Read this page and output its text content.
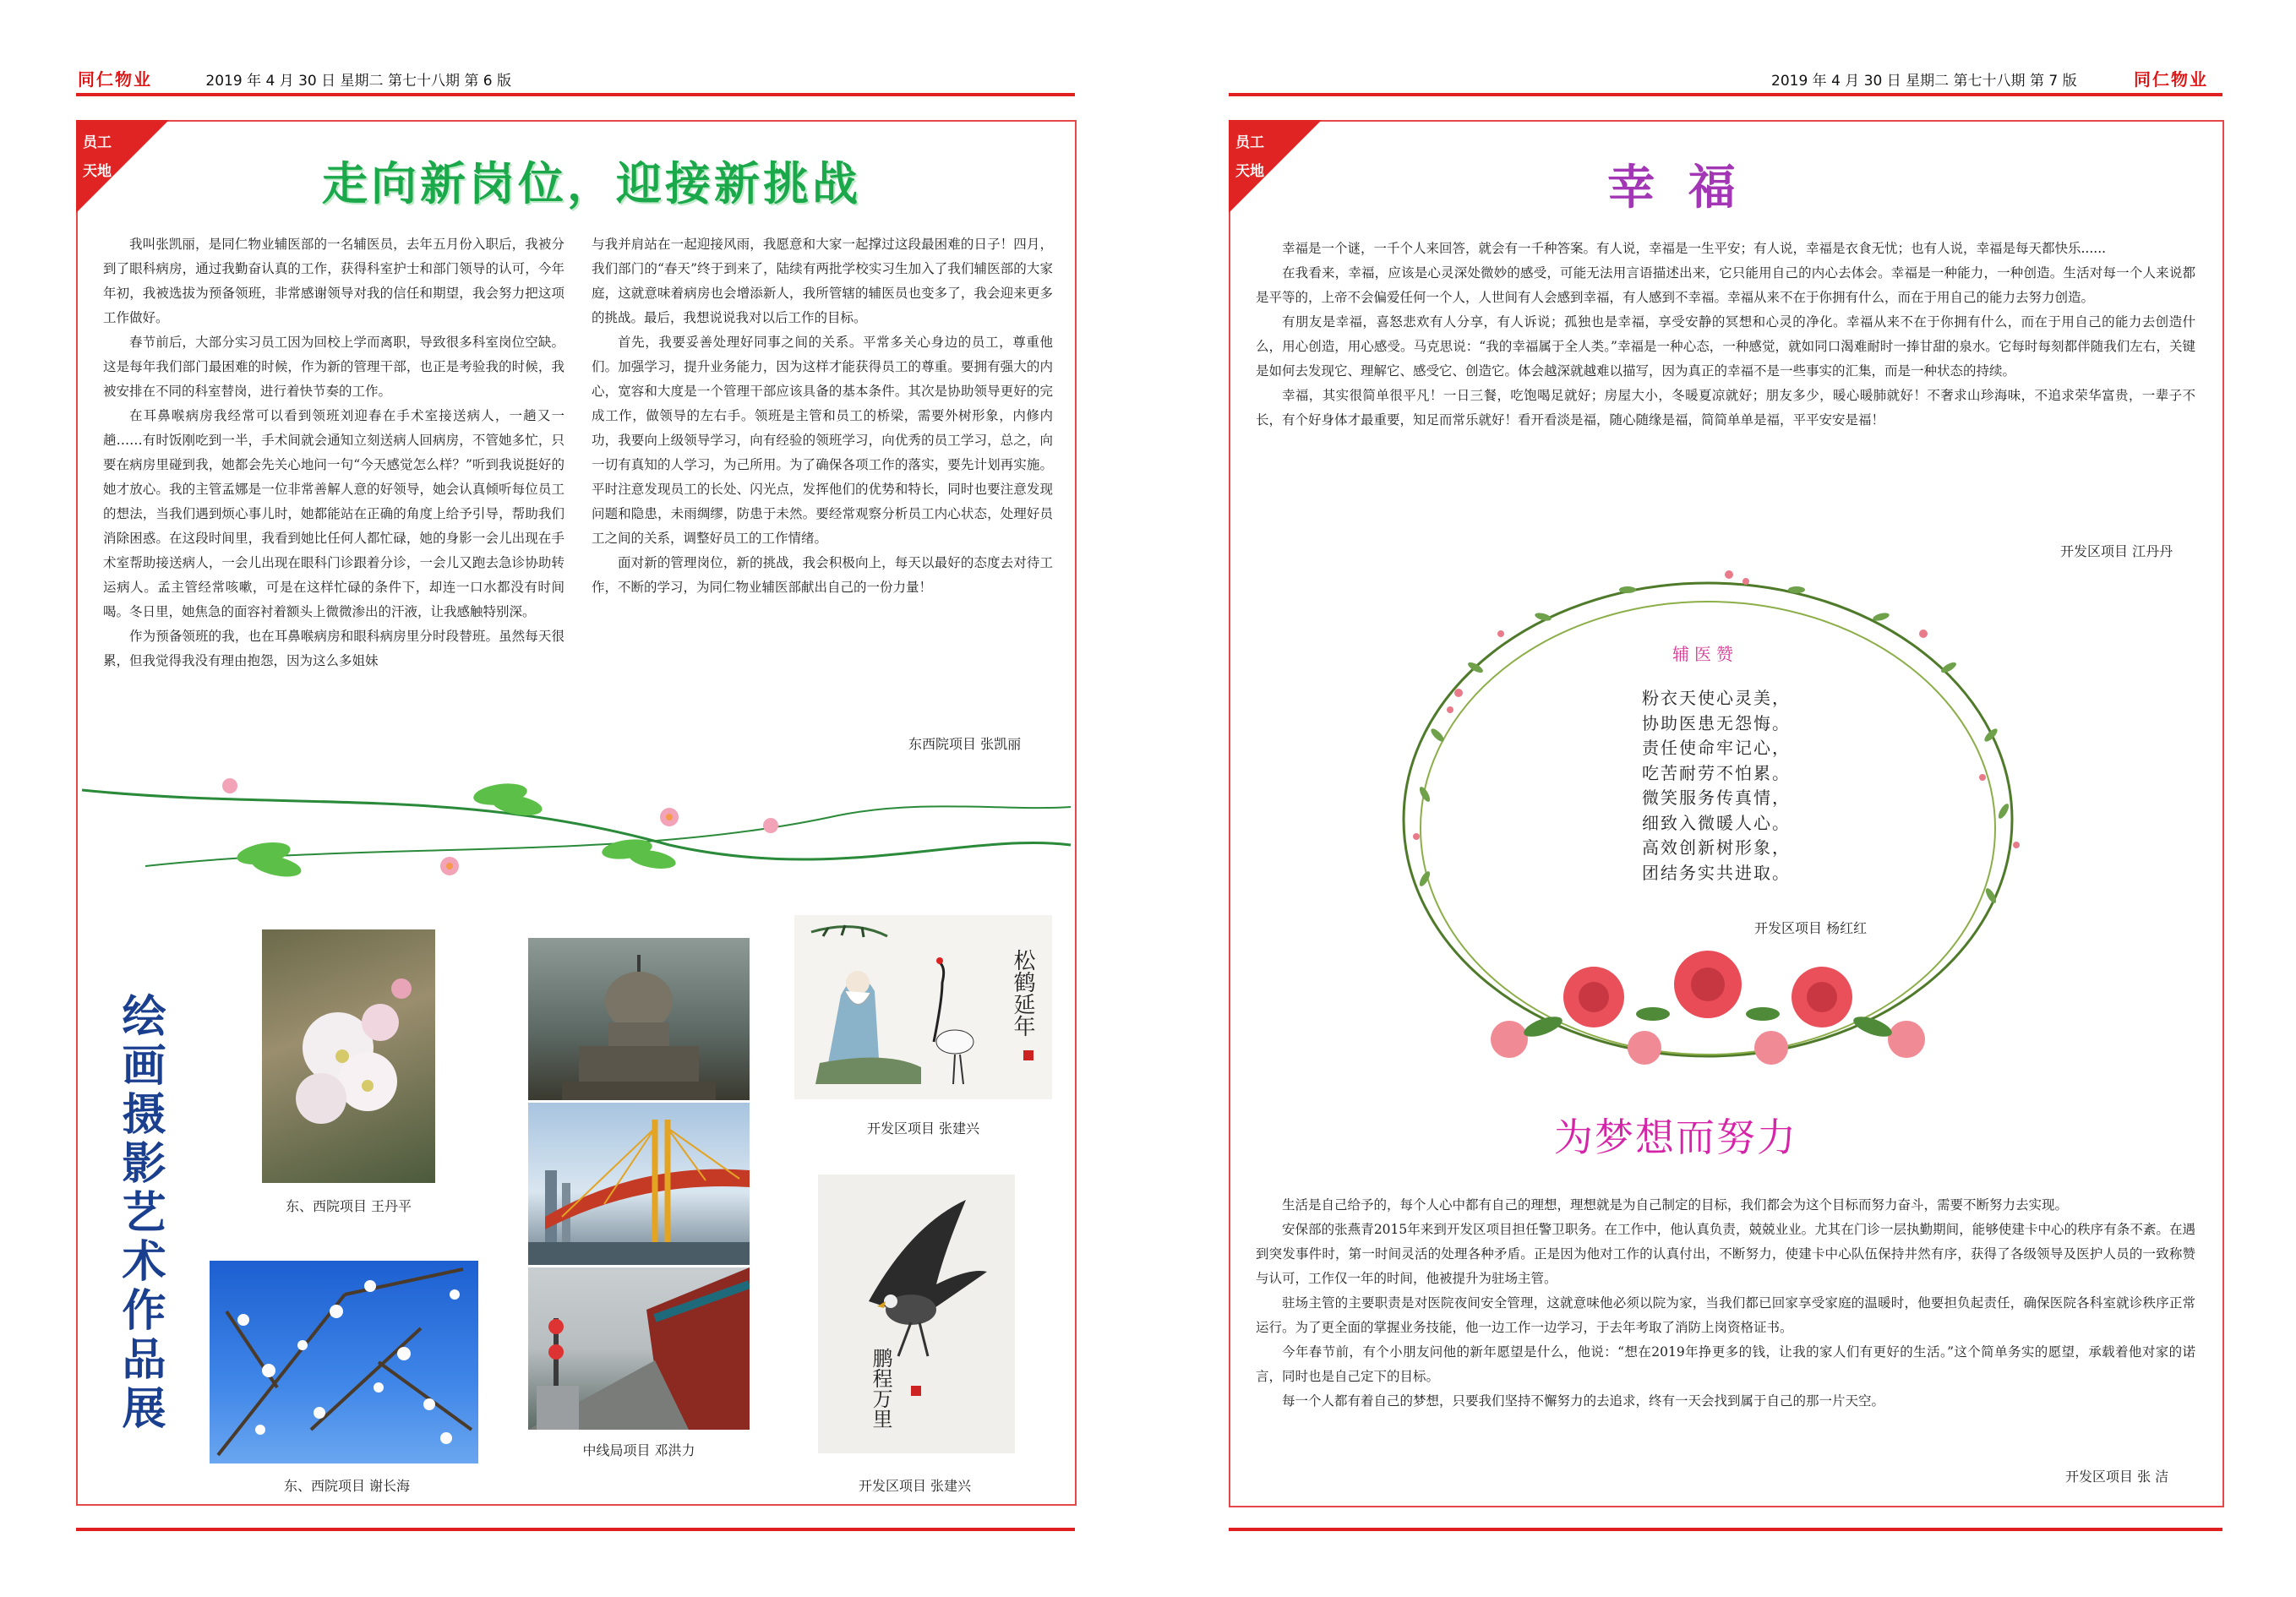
同仁物业	2019 年 4 月 30 日 星期二 第七十八期 第 6 版
员工
天地	走向新岗位，迎接新挑战

我叫张凯丽，是同仁物业辅医部的一名辅医员，去年五月份入职后，我被分到了眼科病房，通过我勤奋认真的工作，获得科室护士和部门领导的认可，今年年初，我被选拔为预备领班，非常感谢领导对我的信任和期望，我会努力把这项工作做好。

春节前后，大部分实习员工因为回校上学而离职，导致很多科室岗位空缺。这是每年我们部门最困难的时候，作为新的管理干部，也正是考验我的时候，我被安排在不同的科室替岗，进行着快节奏的工作。

在耳鼻喉病房我经常可以看到领班刘迎春在手术室接送病人，一趟又一趟……有时饭刚吃到一半，手术间就会通知立刻送病人回病房，不管她多忙，只要在病房里碰到我，她都会先关心地问一句“今天感觉怎么样？”听到我说挺好的她才放心。我的主管孟娜是一位非常善解人意的好领导，她会认真倾听每位员工的想法，当我们遇到烦心事儿时，她都能站在正确的角度上给予引导，帮助我们消除困惑。在这段时间里，我看到她比任何人都忙碌，她的身影一会儿出现在手术室帮助接送病人，一会儿出现在眼科门诊跟着分诊，一会儿又跑去急诊协助转运病人。孟主管经常咳嗽，可是在这样忙碌的条件下，却连一口水都没有时间喝。冬日里，她焦急的面容衬着额头上微微渗出的汗液，让我感触特别深。

作为预备领班的我，也在耳鼻喉病房和眼科病房里分时段替班。虽然每天很累，但我觉得我没有理由抱怨，因为这么多姐妹

与我并肩站在一起迎接风雨，我愿意和大家一起撑过这段最困难的日子！四月，我们部门的“春天”终于到来了，陆续有两批学校实习生加入了我们辅医部的大家庭，这就意味着病房也会增添新人，我所管辖的辅医员也变多了，我会迎来更多的挑战。最后，我想说说我对以后工作的目标。

首先，我要妥善处理好同事之间的关系。平常多关心身边的员工，尊重他们。加强学习，提升业务能力，因为这样才能获得员工的尊重。要拥有强大的内心，宽容和大度是一个管理干部应该具备的基本条件。其次是协助领导更好的完成工作，做领导的左右手。领班是主管和员工的桥梁，需要外树形象，内修内功，我要向上级领导学习，向有经验的领班学习，向优秀的员工学习，总之，向一切有真知的人学习，为己所用。为了确保各项工作的落实，要先计划再实施。平时注意发现员工的长处、闪光点，发挥他们的优势和特长，同时也要注意发现问题和隐患，未雨绸缪，防患于未然。要经常观察分析员工内心状态，处理好员工之间的关系，调整好员工的工作情绪。

面对新的管理岗位，新的挑战，我会积极向上，每天以最好的态度去对待工作，不断的学习，为同仁物业辅医部献出自己的一份力量！

东西院项目 张凯丽
绘画摄影艺术作品展	东、西院项目 王丹平
东、西院项目 谢长海
中线局项目 邓洪力
松鹤延年
开发区项目 张建兴
鹏程万里
开发区项目 张建兴
2019 年 4 月 30 日 星期二 第七十八期 第 7 版	同仁物业
员工
天地	幸 福

幸福是一个谜，一千个人来回答，就会有一千种答案。有人说，幸福是一生平安；有人说，幸福是衣食无忧；也有人说，幸福是每天都快乐......

在我看来，幸福，应该是心灵深处微妙的感受，可能无法用言语描述出来，它只能用自己的内心去体会。幸福是一种能力，一种创造。生活对每一个人来说都是平等的，上帝不会偏爱任何一个人，人世间有人会感到幸福，有人感到不幸福。幸福从来不在于你拥有什么，而在于用自己的能力去努力创造。

有朋友是幸福，喜怒悲欢有人分享，有人诉说；孤独也是幸福，享受安静的冥想和心灵的净化。幸福从来不在于你拥有什么，而在于用自己的能力去创造什么，用心创造，用心感受。马克思说：“我的幸福属于全人类。”幸福是一种心态，一种感觉，就如同口渴难耐时一捧甘甜的泉水。它每时每刻都伴随我们左右，关键是如何去发现它、理解它、感受它、创造它。体会越深就越难以描写，因为真正的幸福不是一些事实的汇集，而是一种状态的持续。

幸福，其实很简单很平凡！一日三餐，吃饱喝足就好；房屋大小，冬暖夏凉就好；朋友多少，暖心暖肺就好！不奢求山珍海味，不追求荣华富贵，一辈子不长，有个好身体才最重要，知足而常乐就好！看开看淡是福，随心随缘是福，简简单单是福，平平安安是福！

开发区项目 江丹丹
辅医赞
粉衣天使心灵美，
协助医患无怨悔。
责任使命牢记心，
吃苦耐劳不怕累。
微笑服务传真情，
细致入微暖人心。
高效创新树形象，
团结务实共进取。
开发区项目 杨红红
为梦想而努力

生活是自己给予的，每个人心中都有自己的理想，理想就是为自己制定的目标，我们都会为这个目标而努力奋斗，需要不断努力去实现。

安保部的张燕青2015年来到开发区项目担任警卫职务。在工作中，他认真负责，兢兢业业。尤其在门诊一层执勤期间，能够使建卡中心的秩序有条不紊。在遇到突发事件时，第一时间灵活的处理各种矛盾。正是因为他对工作的认真付出，不断努力，使建卡中心队伍保持井然有序，获得了各级领导及医护人员的一致称赞与认可，工作仅一年的时间，他被提升为驻场主管。

驻场主管的主要职责是对医院夜间安全管理，这就意味他必须以院为家，当我们都已回家享受家庭的温暖时，他要担负起责任，确保医院各科室就诊秩序正常运行。为了更全面的掌握业务技能，他一边工作一边学习，于去年考取了消防上岗资格证书。

今年春节前，有个小朋友问他的新年愿望是什么，他说：“想在2019年挣更多的钱，让我的家人们有更好的生活。”这个简单务实的愿望，承载着他对家的诺言，同时也是自己定下的目标。

每一个人都有着自己的梦想，只要我们坚持不懈努力的去追求，终有一天会找到属于自己的那一片天空。

开发区项目 张 洁
